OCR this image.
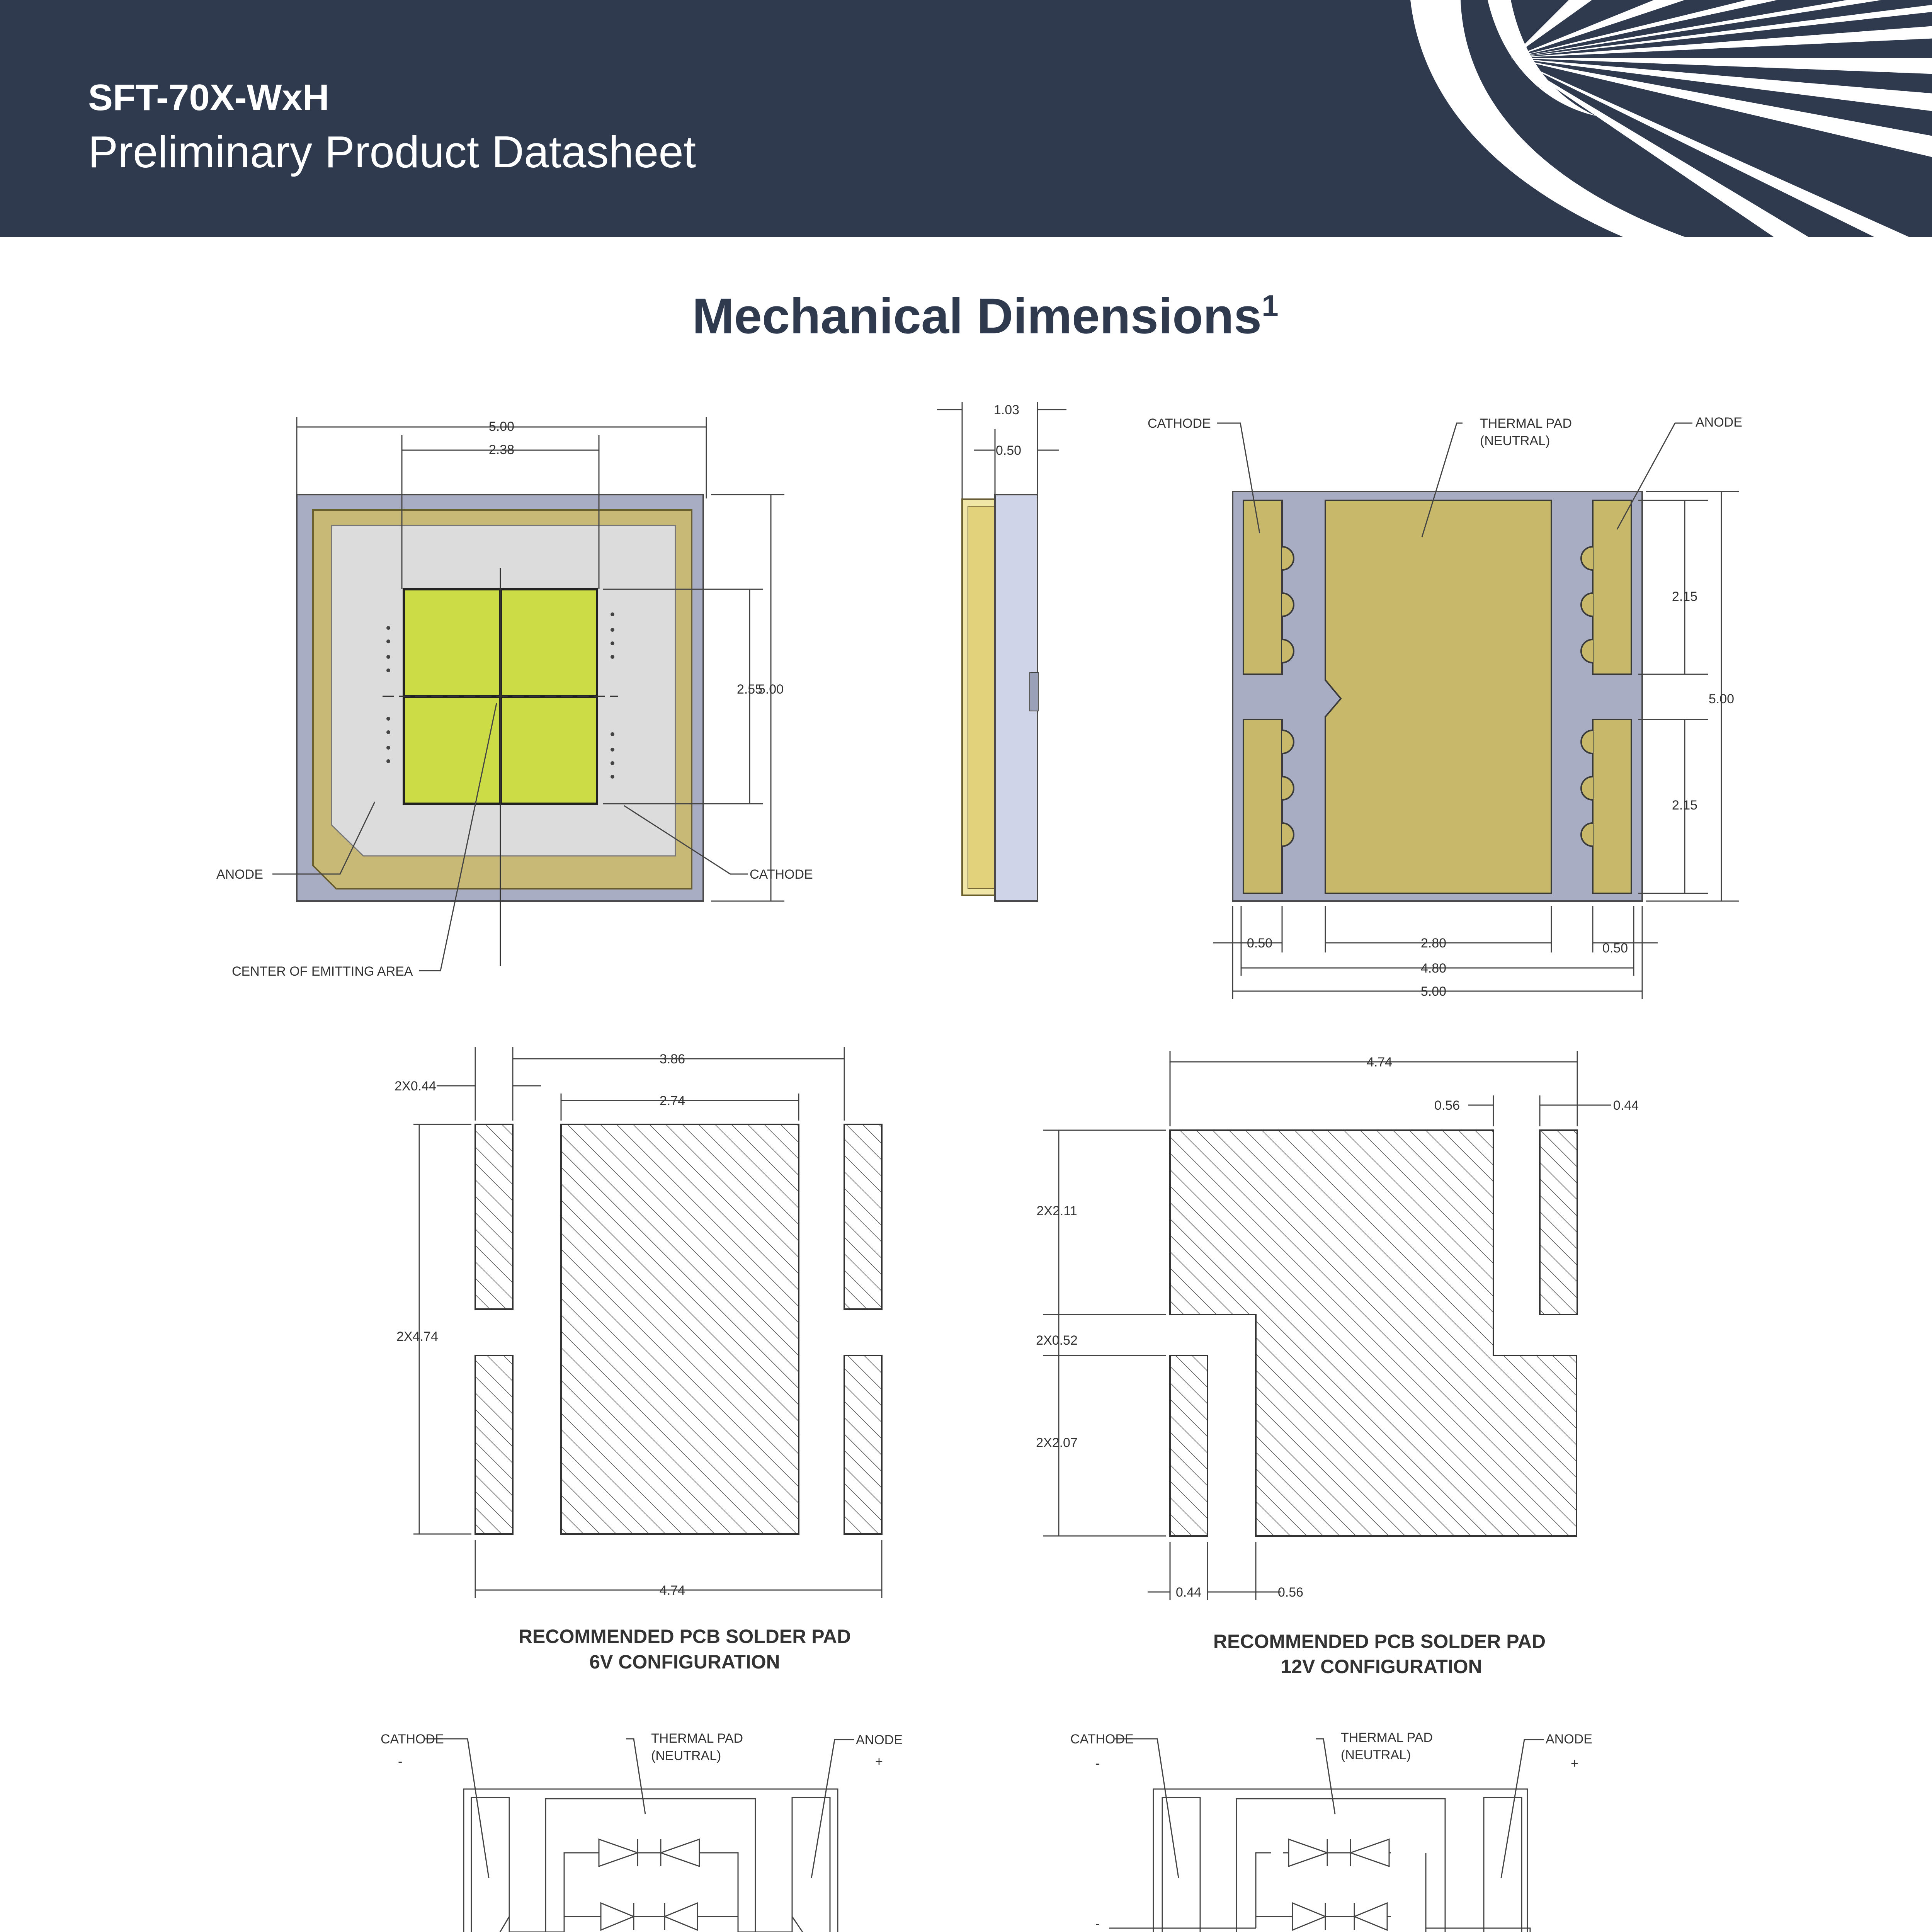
SFT-70X-WxH
Preliminary Product Datasheet
Mechanical Dimensions$^1$
5.00
2.38
2.55
5.00
ANODE	CATHODE
CENTER OF EMITTING AREA
1.03
0.50
CATHODE	THERMAL PAD
(NEUTRAL)
ANODE
2.15
5.00
2.15
0.50	2.80	0.50
4.80
5.00
2X0.44
3.86
2.74
2X4.74
4.74
RECOMMENDED PCB SOLDER PAD
6V CONFIGURATION
4.74
0.56	0.44
2X2.11
2X0.52
2X2.07
0.44	0.56
RECOMMENDED PCB SOLDER PAD
12V CONFIGURATION
CATHODE
-
THERMAL PAD
(NEUTRAL)
ANODE
+
CATHODE
-
THERMAL PAD
(NEUTRAL)
ANODE
+
-
